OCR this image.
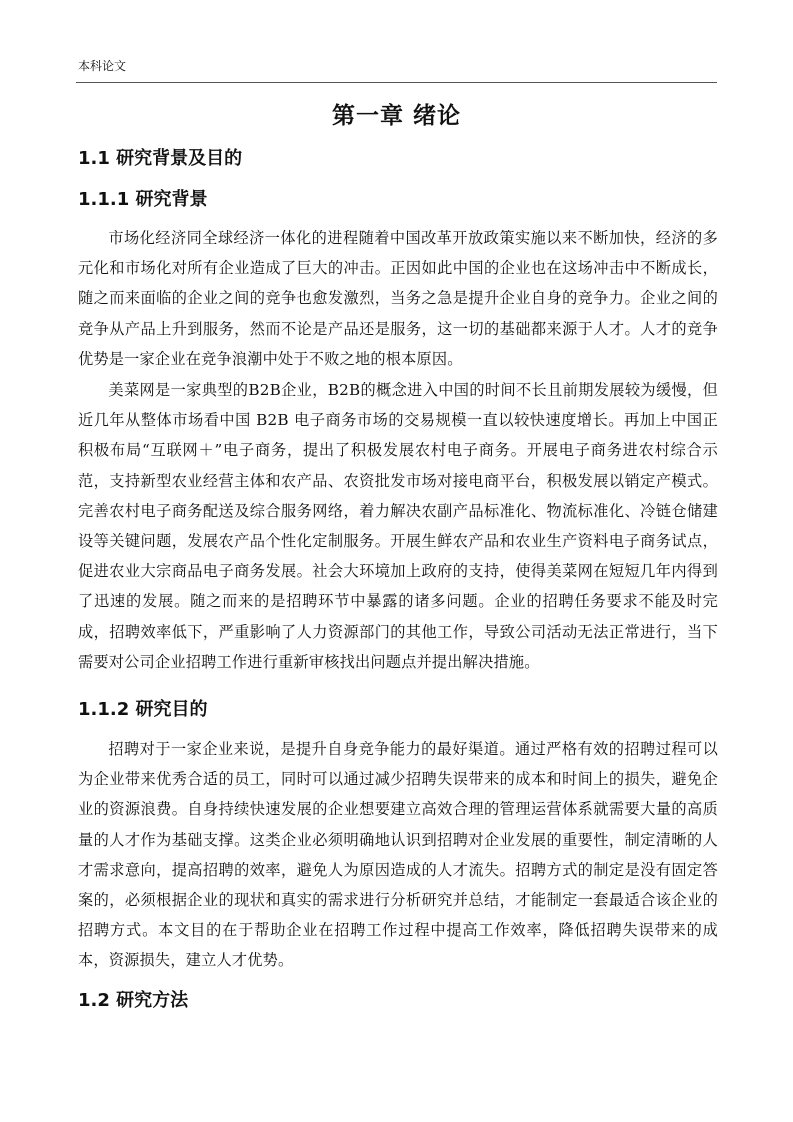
本科论文
第一章 绪论
1.1 研究背景及目的
1.1.1 研究背景

市场化经济同全球经济一体化的进程随着中国改革开放政策实施以来不断加快，经济的多元化和市场化对所有企业造成了巨大的冲击。正因如此中国的企业也在这场冲击中不断成长，随之而来面临的企业之间的竞争也愈发激烈，当务之急是提升企业自身的竞争力。企业之间的竞争从产品上升到服务，然而不论是产品还是服务，这一切的基础都来源于人才。人才的竞争优势是一家企业在竞争浪潮中处于不败之地的根本原因。

美菜网是一家典型的B2B企业，B2B的概念进入中国的时间不长且前期发展较为缓慢，但近几年从整体市场看中国 B2B 电子商务市场的交易规模一直以较快速度增长。再加上中国正积极布局“互联网＋”电子商务，提出了积极发展农村电子商务。开展电子商务进农村综合示范，支持新型农业经营主体和农产品、农资批发市场对接电商平台，积极发展以销定产模式。完善农村电子商务配送及综合服务网络，着力解决农副产品标准化、物流标准化、冷链仓储建设等关键问题，发展农产品个性化定制服务。开展生鲜农产品和农业生产资料电子商务试点，促进农业大宗商品电子商务发展。社会大环境加上政府的支持，使得美菜网在短短几年内得到了迅速的发展。随之而来的是招聘环节中暴露的诸多问题。企业的招聘任务要求不能及时完成，招聘效率低下，严重影响了人力资源部门的其他工作，导致公司活动无法正常进行，当下需要对公司企业招聘工作进行重新审核找出问题点并提出解决措施。

1.1.2 研究目的

招聘对于一家企业来说，是提升自身竞争能力的最好渠道。通过严格有效的招聘过程可以为企业带来优秀合适的员工，同时可以通过减少招聘失误带来的成本和时间上的损失，避免企业的资源浪费。自身持续快速发展的企业想要建立高效合理的管理运营体系就需要大量的高质量的人才作为基础支撑。这类企业必须明确地认识到招聘对企业发展的重要性，制定清晰的人才需求意向，提高招聘的效率，避免人为原因造成的人才流失。招聘方式的制定是没有固定答案的，必须根据企业的现状和真实的需求进行分析研究并总结，才能制定一套最适合该企业的招聘方式。本文目的在于帮助企业在招聘工作过程中提高工作效率，降低招聘失误带来的成本，资源损失，建立人才优势。

1.2 研究方法
